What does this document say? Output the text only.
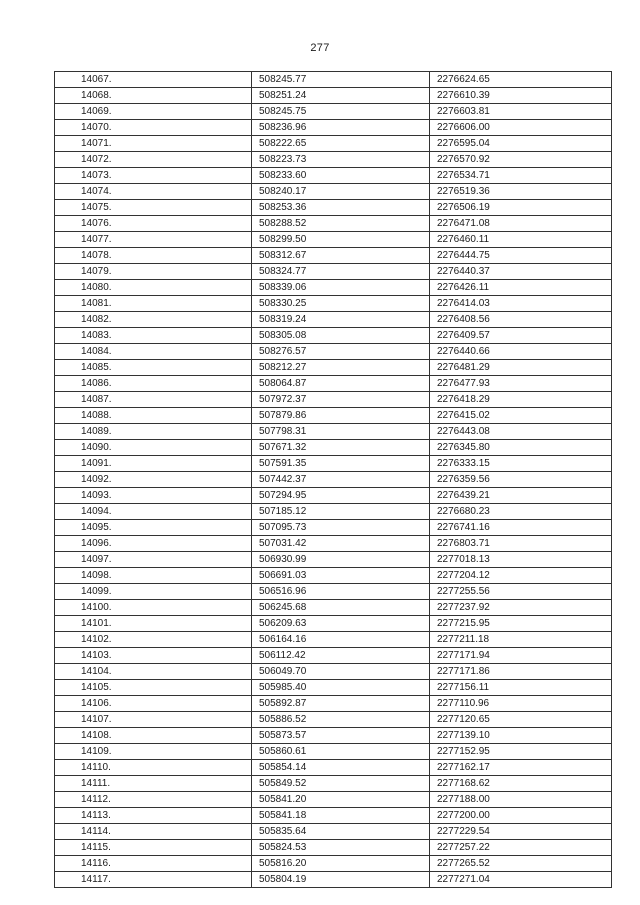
277
14067.	508245.77	2276624.65
14068.	508251.24	2276610.39
14069.	508245.75	2276603.81
14070.	508236.96	2276606.00
14071.	508222.65	2276595.04
14072.	508223.73	2276570.92
14073.	508233.60	2276534.71
14074.	508240.17	2276519.36
14075.	508253.36	2276506.19
14076.	508288.52	2276471.08
14077.	508299.50	2276460.11
14078.	508312.67	2276444.75
14079.	508324.77	2276440.37
14080.	508339.06	2276426.11
14081.	508330.25	2276414.03
14082.	508319.24	2276408.56
14083.	508305.08	2276409.57
14084.	508276.57	2276440.66
14085.	508212.27	2276481.29
14086.	508064.87	2276477.93
14087.	507972.37	2276418.29
14088.	507879.86	2276415.02
14089.	507798.31	2276443.08
14090.	507671.32	2276345.80
14091.	507591.35	2276333.15
14092.	507442.37	2276359.56
14093.	507294.95	2276439.21
14094.	507185.12	2276680.23
14095.	507095.73	2276741.16
14096.	507031.42	2276803.71
14097.	506930.99	2277018.13
14098.	506691.03	2277204.12
14099.	506516.96	2277255.56
14100.	506245.68	2277237.92
14101.	506209.63	2277215.95
14102.	506164.16	2277211.18
14103.	506112.42	2277171.94
14104.	506049.70	2277171.86
14105.	505985.40	2277156.11
14106.	505892.87	2277110.96
14107.	505886.52	2277120.65
14108.	505873.57	2277139.10
14109.	505860.61	2277152.95
14110.	505854.14	2277162.17
14111.	505849.52	2277168.62
14112.	505841.20	2277188.00
14113.	505841.18	2277200.00
14114.	505835.64	2277229.54
14115.	505824.53	2277257.22
14116.	505816.20	2277265.52
14117.	505804.19	2277271.04
